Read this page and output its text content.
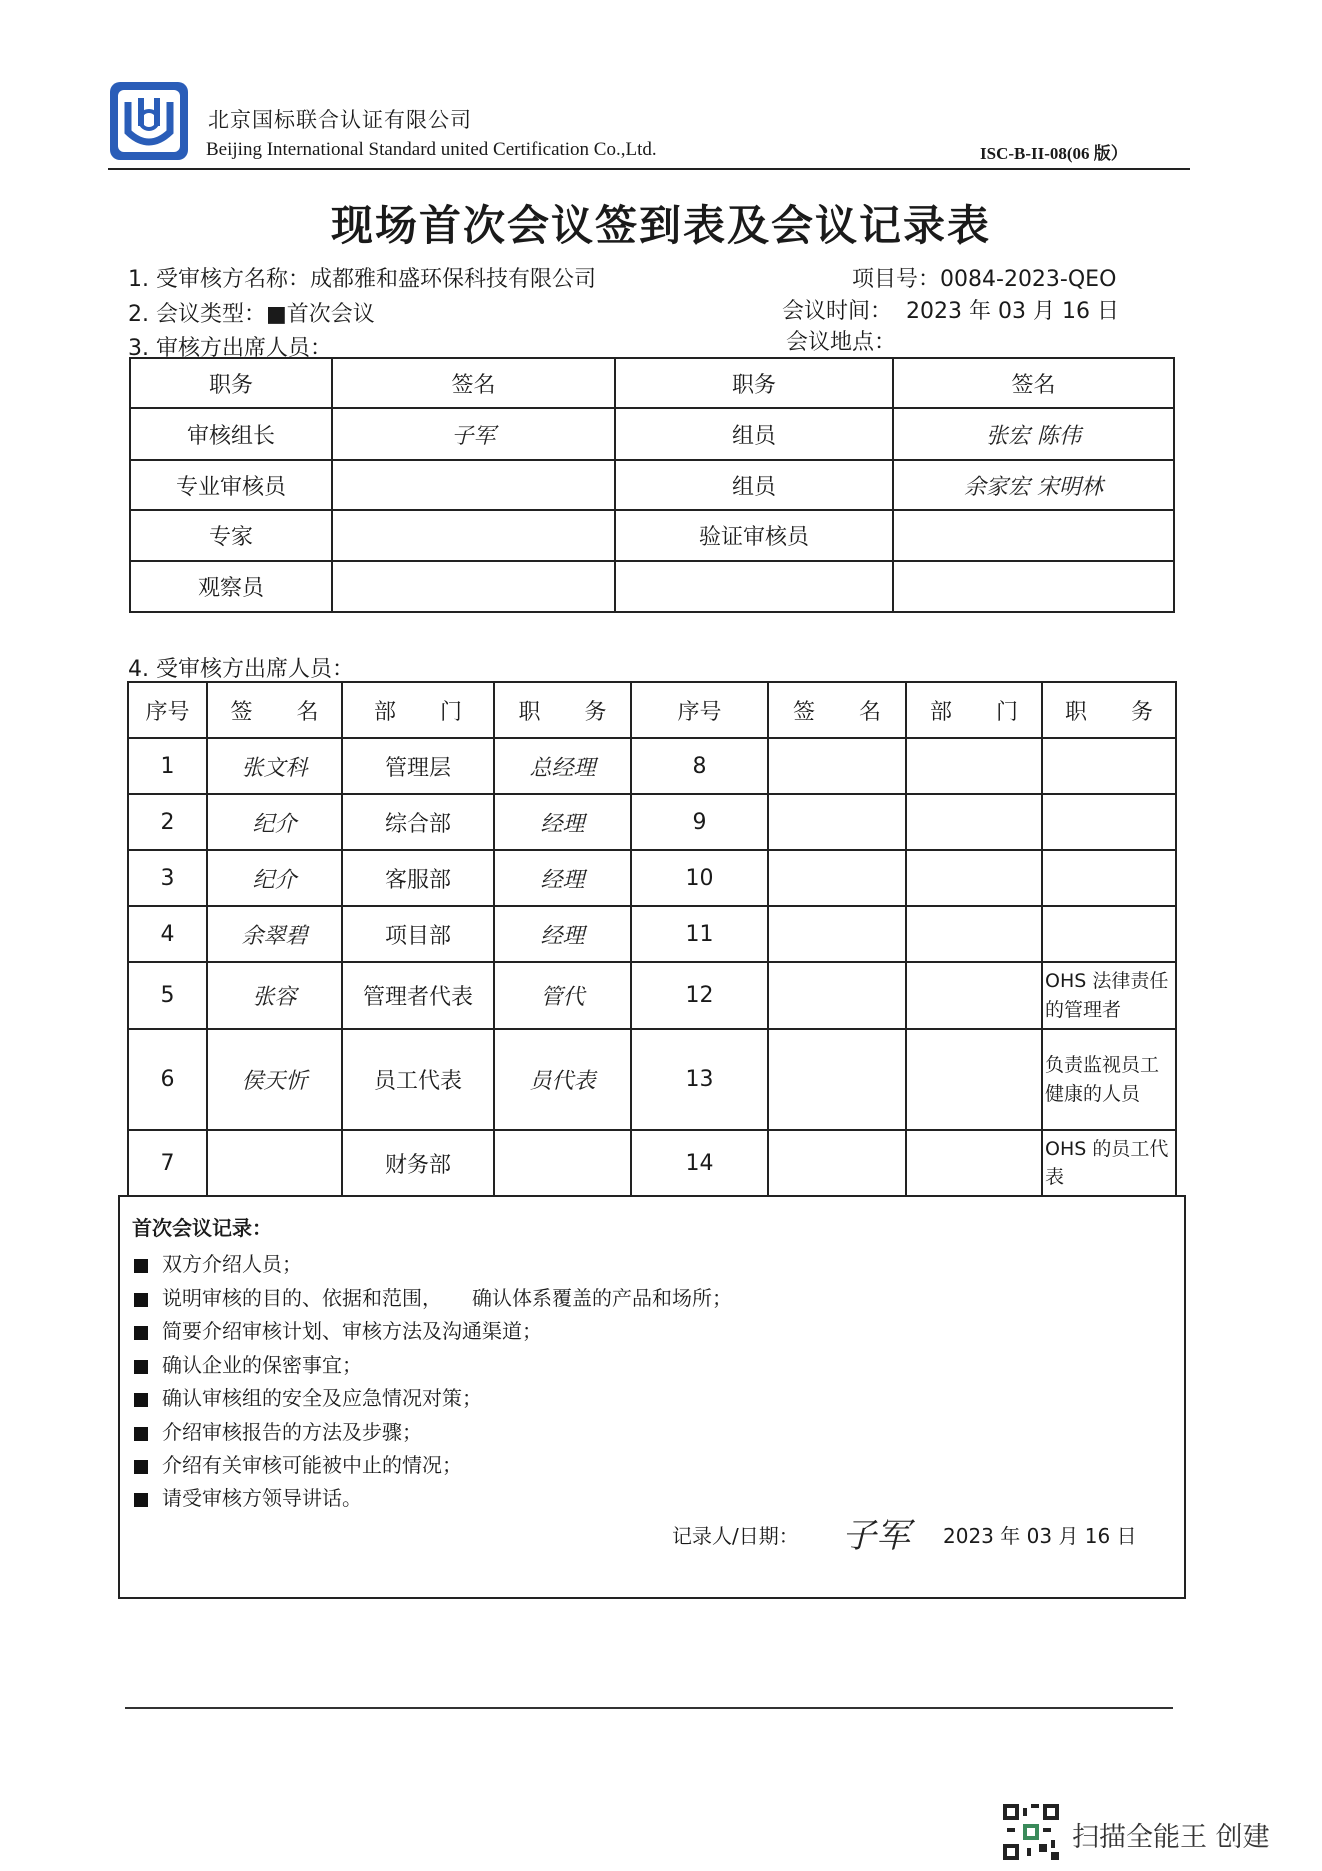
北京国标联合认证有限公司
Beijing International Standard united Certification Co.,Ltd.	ISC-B-II-08(06 版）
现场首次会议签到表及会议记录表
1. 受审核方名称：成都雅和盛环保科技有限公司	项目号：0084-2023-QEO
2. 会议类型：■首次会议	会议时间： 2023 年 03 月 16 日
3. 审核方出席人员：	会议地点：
职务	签名	职务	签名
审核组长	子军	组员	张宏 陈伟
专业审核员		组员	余家宏 宋明林
专家		验证审核员	
观察员			
4. 受审核方出席人员：
序号	签　　名	部　　门	职　　务	序号	签　　名	部　　门	职　　务
1	张文科	管理层	总经理	8			
2	纪介	综合部	经理	9			
3	纪介	客服部	经理	10			
4	余翠碧	项目部	经理	11			
5	张容	管理者代表	管代	12			OHS 法律责任的管理者
6	侯天忻	员工代表	员代表	13			负责监视员工健康的人员
7		财务部		14			OHS 的员工代表
首次会议记录：
双方介绍人员；
说明审核的目的、依据和范围，　　确认体系覆盖的产品和场所；
简要介绍审核计划、审核方法及沟通渠道；
确认企业的保密事宜；
确认审核组的安全及应急情况对策；
介绍审核报告的方法及步骤；
介绍有关审核可能被中止的情况；
请受审核方领导讲话。
记录人/日期： 子军 2023 年 03 月 16 日
扫描全能王 创建
